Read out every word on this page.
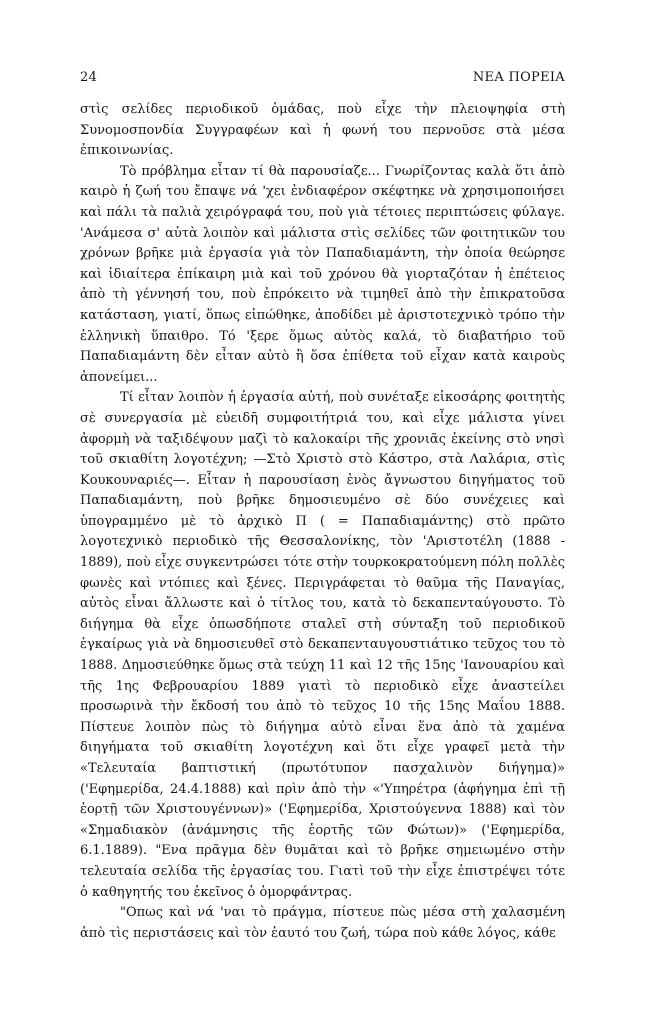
24	ΝΕΑ ΠΟΡΕΙΑ

στὶς σελίδες περιοδικοῦ ὁμάδας, ποὺ εἶχε τὴν πλειοψηφία στὴ Συνομοσπονδία Συγγραφέων καὶ ἡ φωνή του περνοῦσε στὰ μέσα ἐπικοινωνίας.

Τὸ πρόβλημα εἶταν τί θὰ παρουσίαζε... Γνωρίζοντας καλὰ ὅτι ἀπὸ καιρὸ ἡ ζωή του ἔπαψε νά 'χει ἐνδιαφέρον σκέφτηκε νὰ χρησιμοποιήσει καὶ πάλι τὰ παλιὰ χειρόγραφά του, ποὺ γιὰ τέτοιες περιπτώσεις φύλαγε. 'Ανάμεσα σ' αὐτὰ λοιπὸν καὶ μάλιστα στὶς σελίδες τῶν φοιτητικῶν του χρόνων βρῆκε μιὰ ἐργασία γιὰ τὸν Παπαδιαμάντη, τὴν ὁποία θεώρησε καὶ ἰδιαίτερα ἐπίκαιρη μιὰ καὶ τοῦ χρόνου θὰ γιορταζόταν ἡ ἐπέτειος ἀπὸ τὴ γέννησή του, ποὺ ἐπρόκειτο νὰ τιμηθεῖ ἀπὸ τὴν ἐπικρατοῦσα κατάσταση, γιατί, ὅπως εἰπώθηκε, ἀποδίδει μὲ ἀριστοτεχνικὸ τρόπο τὴν ἑλληνικὴ ὕπαιθρο. Τό 'ξερε ὅμως αὐτὸς καλά, τὸ διαβατήριο τοῦ Παπαδιαμάντη δὲν εἶταν αὐτὸ ἢ ὅσα ἐπίθετα τοῦ εἶχαν κατὰ καιροὺς ἀπονείμει...

Τί εἶταν λοιπὸν ἡ ἐργασία αὐτή, ποὺ συνέταξε εἰκοσάρης φοιτητὴς σὲ συνεργασία μὲ εὐειδῆ συμφοιτήτριά του, καὶ εἶχε μάλιστα γίνει ἀφορμὴ νὰ ταξιδέψουν μαζὶ τὸ καλοκαίρι τῆς χρονιᾶς ἐκείνης στὸ νησὶ τοῦ σκιαθίτη λογοτέχνη; —Στὸ Χριστὸ στὸ Κάστρο, στὰ Λαλάρια, στὶς Κουκουναριές—. Εἶταν ἡ παρουσίαση ἑνὸς ἄγνωστου διηγήματος τοῦ Παπαδιαμάντη, ποὺ βρῆκε δημοσιευμένο σὲ δύο συνέχειες καὶ ὑπογραμμένο μὲ τὸ ἀρχικὸ Π ( = Παπαδιαμάντης) στὸ πρῶτο λογοτεχνικὸ περιοδικὸ τῆς Θεσσαλονίκης, τὸν 'Αριστοτέλη (1888 - 1889), ποὺ εἶχε συγκεντρώσει τότε στὴν τουρκοκρατούμενη πόλη πολλὲς φωνὲς καὶ ντόπιες καὶ ξένες. Περιγράφεται τὸ θαῦμα τῆς Παναγίας, αὐτὸς εἶναι ἄλλωστε καὶ ὁ τίτλος του, κατὰ τὸ δεκαπενταύγουστο. Τὸ διήγημα θὰ εἶχε ὁπωσδήποτε σταλεῖ στὴ σύνταξη τοῦ περιοδικοῦ ἐγκαίρως γιὰ νὰ δημοσιευθεῖ στὸ δεκαπενταυγουστιάτικο τεῦχος του τὸ 1888. Δημοσιεύθηκε ὅμως στὰ τεύχη 11 καὶ 12 τῆς 15ης 'Ιανουαρίου καὶ τῆς 1ης Φεβρουαρίου 1889 γιατὶ τὸ περιοδικὸ εἶχε ἀναστείλει προσωρινὰ τὴν ἔκδοσή του ἀπὸ τὸ τεῦχος 10 τῆς 15ης Μαΐου 1888. Πίστευε λοιπὸν πὼς τὸ διήγημα αὐτὸ εἶναι ἕνα ἀπὸ τὰ χαμένα διηγήματα τοῦ σκιαθίτη λογοτέχνη καὶ ὅτι εἶχε γραφεῖ μετὰ τὴν «Τελευταία βαπτιστική (πρωτότυπον πασχαλινὸν διήγημα)» ('Εφημερίδα, 24.4.1888) καὶ πρὶν ἀπὸ τὴν «'Υπηρέτρα (ἀφήγημα ἐπὶ τῇ ἑορτῇ τῶν Χριστουγέννων)» ('Εφημερίδα, Χριστούγεννα 1888) καὶ τὸν «Σημαδιακὸν (ἀνάμνησις τῆς ἑορτῆς τῶν Φώτων)» ('Εφημερίδα, 6.1.1889). "Ενα πρᾶγμα δὲν θυμᾶται καὶ τὸ βρῆκε σημειωμένο στὴν τελευταία σελίδα τῆς ἐργασίας του. Γιατὶ τοῦ τὴν εἶχε ἐπιστρέψει τότε ὁ καθηγητής του ἐκεῖνος ὁ ὁμορφάντρας.

"Οπως καὶ νά 'ναι τὸ πράγμα, πίστευε πὼς μέσα στὴ χαλασμένη ἀπὸ τὶς περιστάσεις καὶ τὸν ἑαυτό του ζωή, τώρα ποὺ κάθε λόγος, κάθε
